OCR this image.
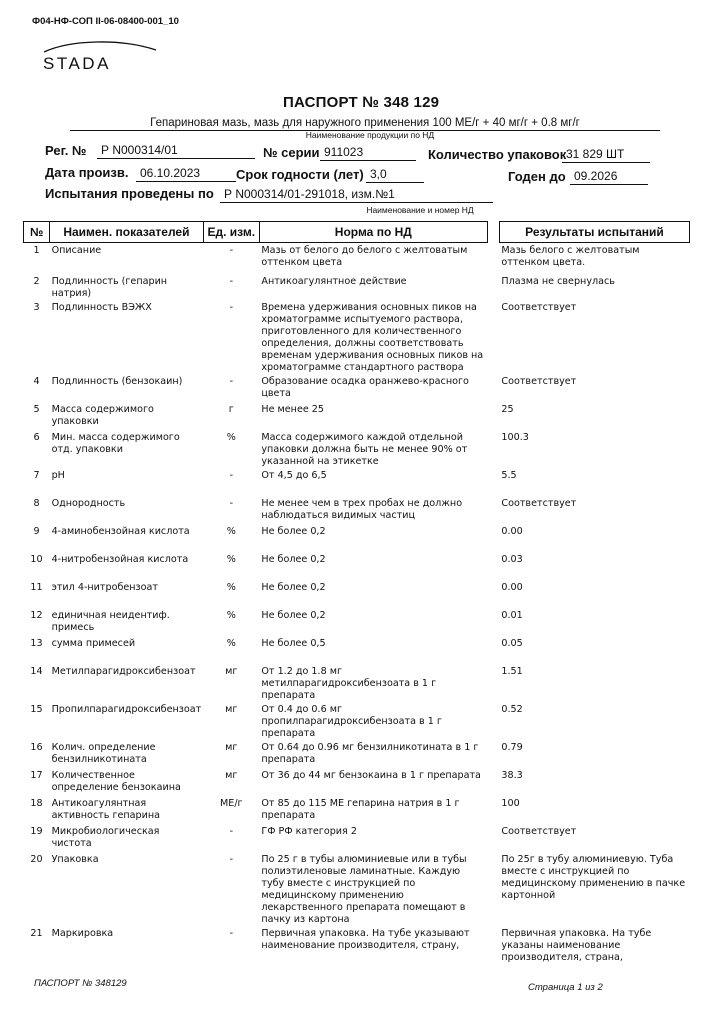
Ф04-НФ-СОП II-06-08400-001_10
STADA
ПАСПОРТ № 348 129
Гепариновая мазь, мазь для наружного применения 100 МЕ/г + 40 мг/г + 0.8 мг/г
Наименование продукции по НД
Рег. №	Р N000314/01	№ серии 911023	Количество упаковок 31 829 ШТ
Дата произв. 06.10.2023	Срок годности (лет) 3,0	Годен до 09.2026
Испытания проведены по Р N000314/01-291018, изм.№1
Наименование и номер НД
№	Наимен. показателей	Ед. изм.	Норма по НД		Результаты испытаний
1	Описание	-	Мазь от белого до белого с желтоватым оттенком цвета		Мазь белого с желтоватым оттенком цвета.
2	Подлинность (гепарин натрия)	-	Антикоагулянтное действие		Плазма не свернулась
3	Подлинность ВЭЖХ	-	Времена удерживания основных пиков на хроматограмме испытуемого раствора, приготовленного для количественного определения, должны соответствовать временам удерживания основных пиков на хроматограмме стандартного раствора		Соответствует
4	Подлинность (бензокаин)	-	Образование осадка оранжево-красного цвета		Соответствует
5	Масса содержимого упаковки	г	Не менее 25		25
6	Мин. масса содержимого отд. упаковки	%	Масса содержимого каждой отдельной упаковки должна быть не менее 90% от указанной на этикетке		100.3
7	pH	-	От 4,5 до 6,5		5.5
8	Однородность	-	Не менее чем в трех пробах не должно наблюдаться видимых частиц		Соответствует
9	4-аминобензойная кислота	%	Не более 0,2		0.00
10	4-нитробензойная кислота	%	Не более 0,2		0.03
11	этил 4-нитробензоат	%	Не более 0,2		0.00
12	единичная неидентиф. примесь	%	Не более 0,2		0.01
13	сумма примесей	%	Не более 0,5		0.05
14	Метилпарагидроксибензоат	мг	От 1.2 до 1.8 мг метилпарагидроксибензоата в 1 г препарата		1.51
15	Пропилпарагидроксибензоат	мг	От 0.4 до 0.6 мг пропилпарагидроксибензоата в 1 г препарата		0.52
16	Колич. определение бензилникотината	мг	От 0.64 до 0.96 мг бензилникотината в 1 г препарата		0.79
17	Количественное определение бензокаина	мг	От 36 до 44 мг бензокаина в 1 г препарата		38.3
18	Антикоагулянтная активность гепарина	МЕ/г	От 85 до 115 МЕ гепарина натрия в 1 г препарата		100
19	Микробиологическая чистота	-	ГФ РФ категория 2		Соответствует
20	Упаковка	-	По 25 г в тубы алюминиевые или в тубы полиэтиленовые ламинатные. Каждую тубу вместе с инструкцией по медицинскому применению лекарственного препарата помещают в пачку из картона		По 25г в тубу алюминиевую. Туба вместе с инструкцией по медицинскому применению в пачке картонной
21	Маркировка	-	Первичная упаковка. На тубе указывают наименование производителя, страну,		Первичная упаковка. На тубе указаны наименование производителя, страна,
ПАСПОРТ № 348129	Страница 1 из 2
